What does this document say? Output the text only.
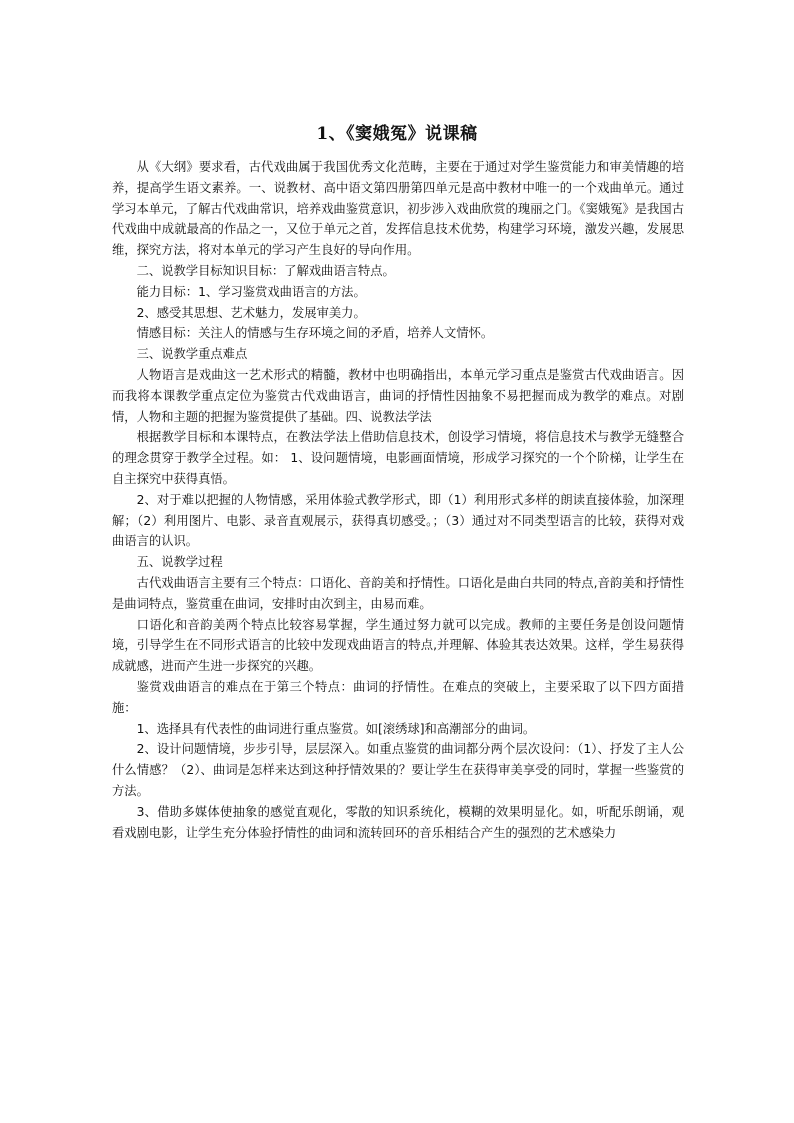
1、《窦娥冤》说课稿

从《大纲》要求看，古代戏曲属于我国优秀文化范畴，主要在于通过对学生鉴赏能力和审美情趣的培养，提高学生语文素养。一、说教材、高中语文第四册第四单元是高中教材中唯一的一个戏曲单元。通过学习本单元，了解古代戏曲常识，培养戏曲鉴赏意识，初步涉入戏曲欣赏的瑰丽之门。《窦娥冤》是我国古代戏曲中成就最高的作品之一，又位于单元之首，发挥信息技术优势，构建学习环境，激发兴趣，发展思维，探究方法，将对本单元的学习产生良好的导向作用。

二、说教学目标知识目标：了解戏曲语言特点。

能力目标：1、学习鉴赏戏曲语言的方法。

2、感受其思想、艺术魅力，发展审美力。

情感目标：关注人的情感与生存环境之间的矛盾，培养人文情怀。

三、说教学重点难点

人物语言是戏曲这一艺术形式的精髓，教材中也明确指出，本单元学习重点是鉴赏古代戏曲语言。因而我将本课教学重点定位为鉴赏古代戏曲语言，曲词的抒情性因抽象不易把握而成为教学的难点。对剧情，人物和主题的把握为鉴赏提供了基础。四、说教法学法

根据教学目标和本课特点，在教法学法上借助信息技术，创设学习情境，将信息技术与教学无缝整合的理念贯穿于教学全过程。如： 1、设问题情境，电影画面情境，形成学习探究的一个个阶梯，让学生在自主探究中获得真悟。

2、对于难以把握的人物情感，采用体验式教学形式，即（1）利用形式多样的朗读直接体验，加深理解；（2）利用图片、电影、录音直观展示，获得真切感受。；（3）通过对不同类型语言的比较，获得对戏曲语言的认识。

五、说教学过程

古代戏曲语言主要有三个特点：口语化、音韵美和抒情性。口语化是曲白共同的特点,音韵美和抒情性是曲词特点，鉴赏重在曲词，安排时由次到主，由易而难。

口语化和音韵美两个特点比较容易掌握，学生通过努力就可以完成。教师的主要任务是创设问题情境，引导学生在不同形式语言的比较中发现戏曲语言的特点,并理解、体验其表达效果。这样，学生易获得成就感，进而产生进一步探究的兴趣。

鉴赏戏曲语言的难点在于第三个特点：曲词的抒情性。在难点的突破上，主要采取了以下四方面措施：

1、选择具有代表性的曲词进行重点鉴赏。如[滚绣球]和高潮部分的曲词。

2、设计问题情境，步步引导，层层深入。如重点鉴赏的曲词都分两个层次设问：（1）、抒发了主人公什么情感？（2）、曲词是怎样来达到这种抒情效果的？要让学生在获得审美享受的同时，掌握一些鉴赏的方法。

3、借助多媒体使抽象的感觉直观化，零散的知识系统化，模糊的效果明显化。如，听配乐朗诵，观看戏剧电影，让学生充分体验抒情性的曲词和流转回环的音乐相结合产生的强烈的艺术感染力
